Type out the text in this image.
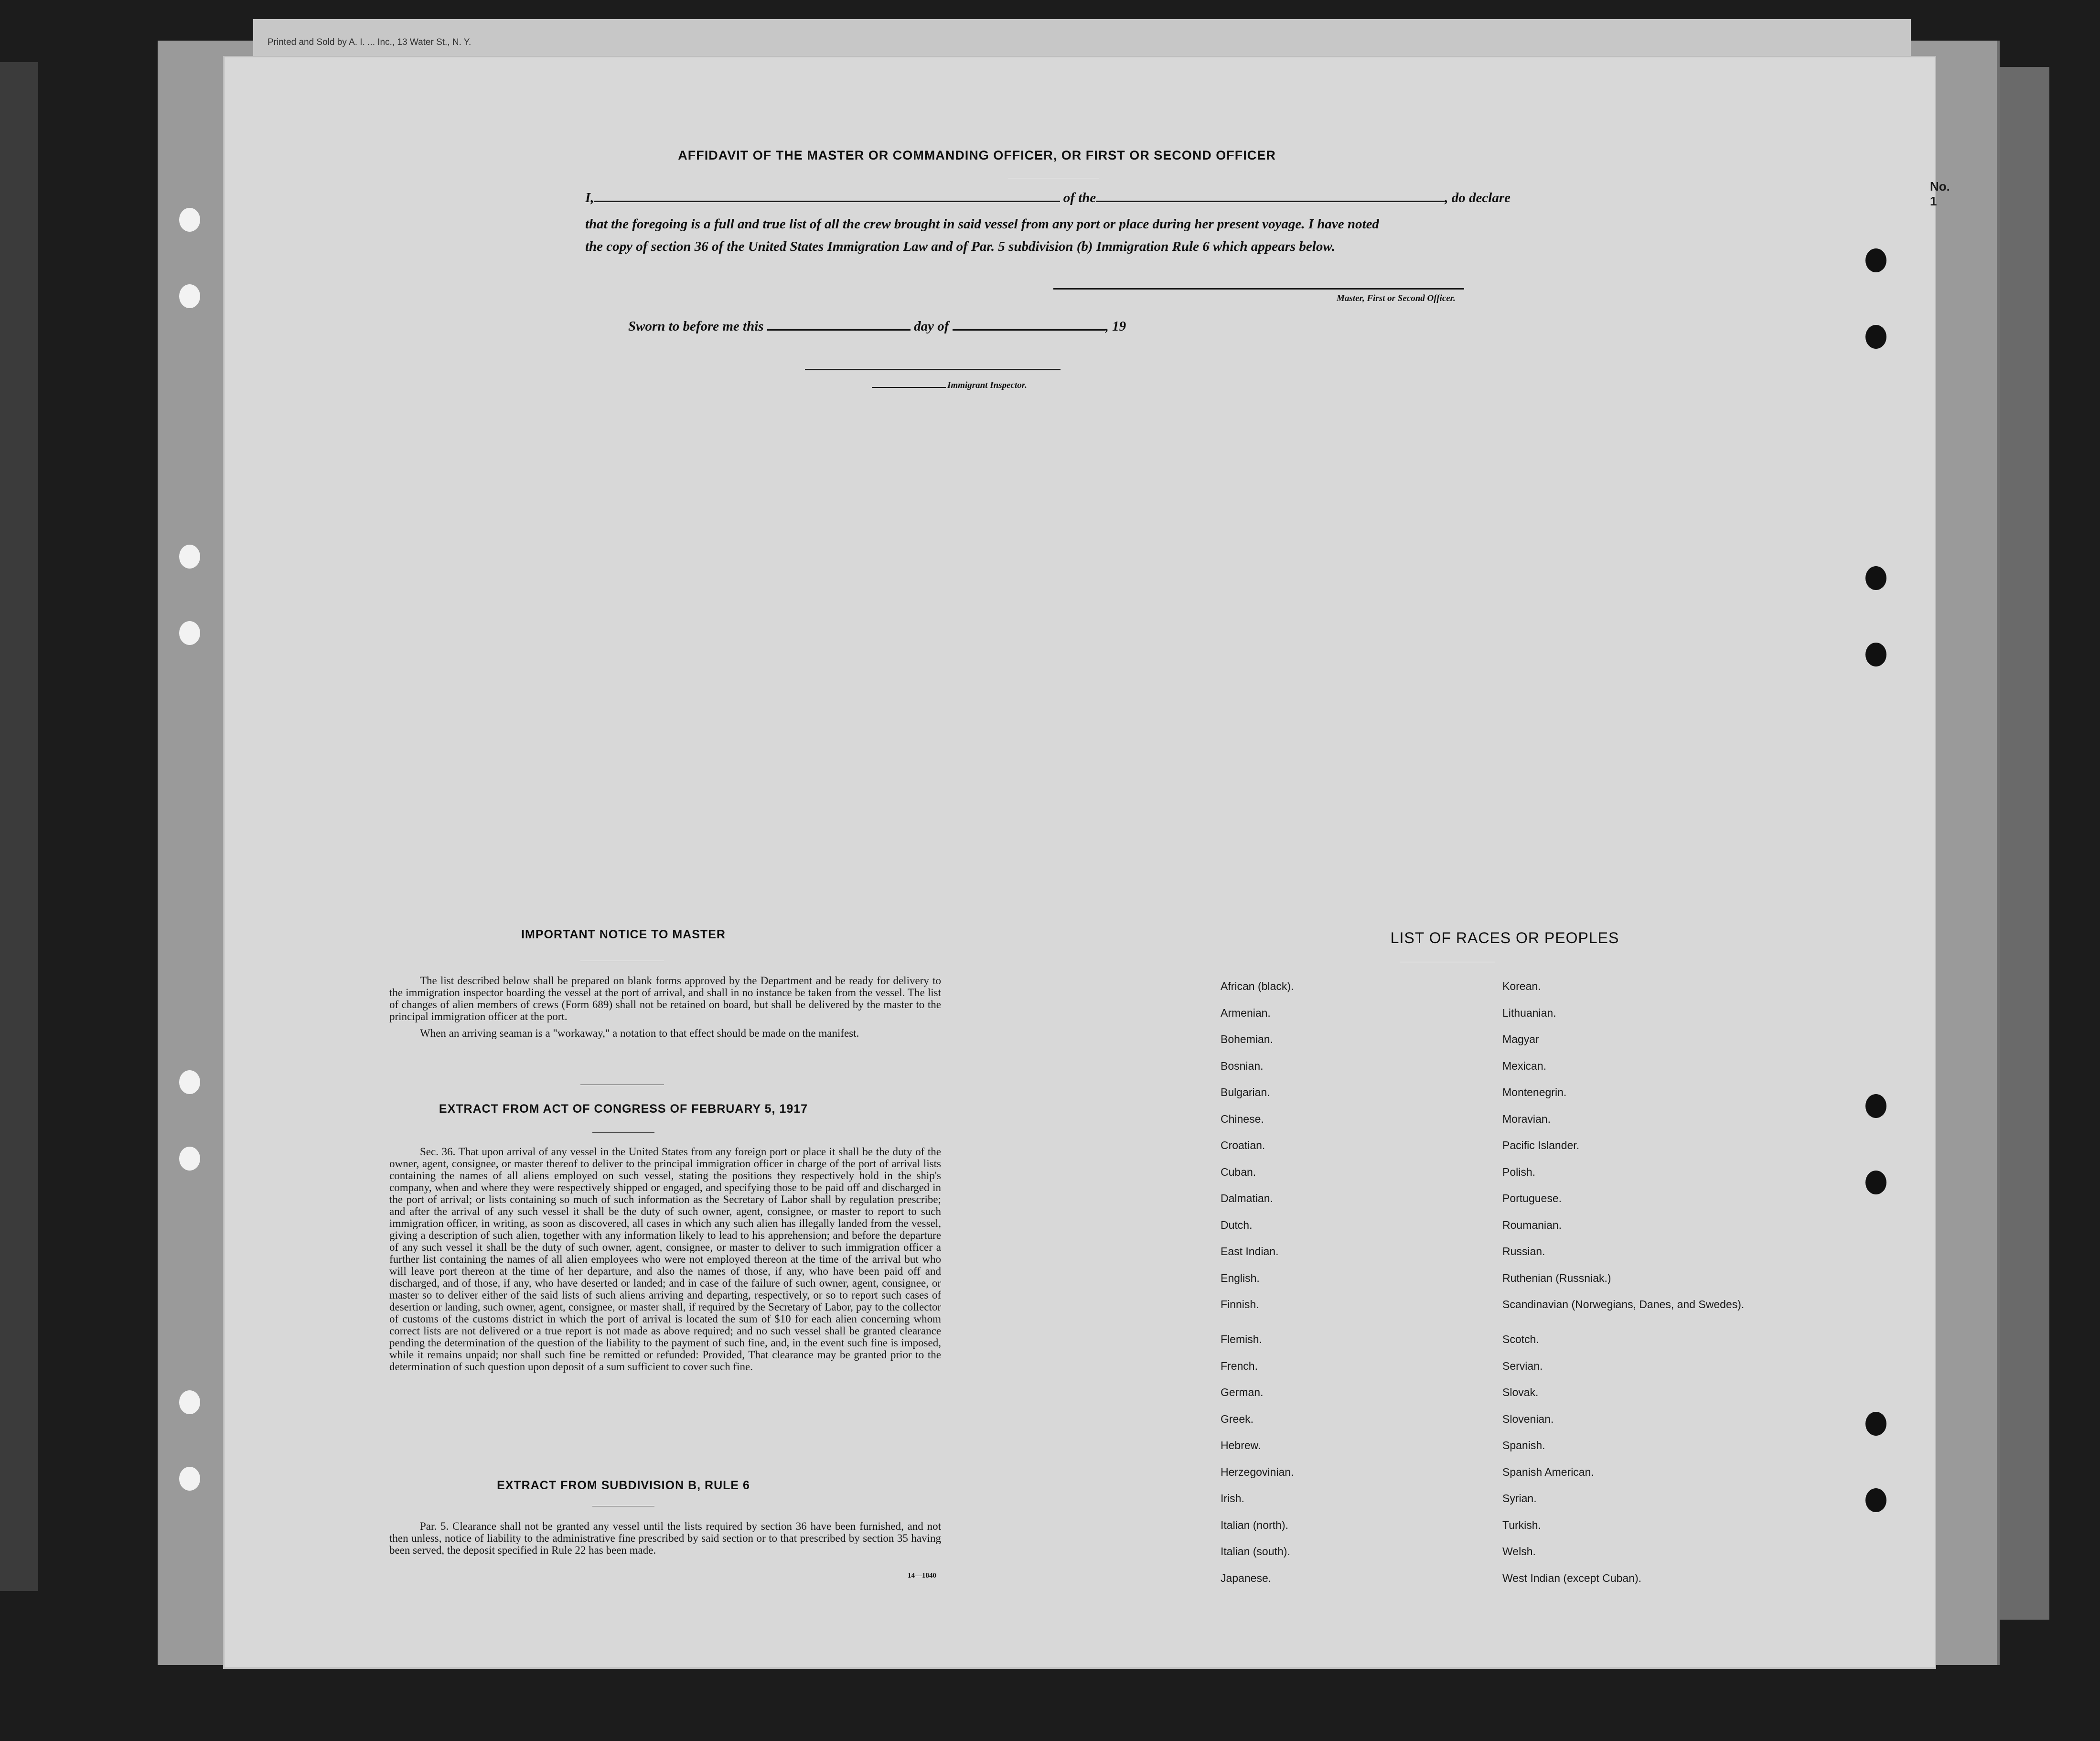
Printed and Sold by A. I. ... Inc., 13 Water St., N. Y.
No. 1
AFFIDAVIT OF THE MASTER OR COMMANDING OFFICER, OR FIRST OR SECOND OFFICER
I,	of the	, do declare
that the foregoing is a full and true list of all the crew brought in said vessel from any port or place during her present voyage. I have noted
the copy of section 36 of the United States Immigration Law and of Par. 5 subdivision (b) Immigration Rule 6 which appears below.
Master, First or Second Officer.
Sworn to before me this	day of	, 19
Immigrant Inspector.
IMPORTANT NOTICE TO MASTER

The list described below shall be prepared on blank forms approved by the Department and be ready for delivery to the immigration inspector boarding the vessel at the port of arrival, and shall in no instance be taken from the vessel. The list of changes of alien members of crews (Form 689) shall not be retained on board, but shall be delivered by the master to the principal immigration officer at the port.

When an arriving seaman is a "workaway," a notation to that effect should be made on the manifest.

EXTRACT FROM ACT OF CONGRESS OF FEBRUARY 5, 1917

Sec. 36. That upon arrival of any vessel in the United States from any foreign port or place it shall be the duty of the owner, agent, consignee, or master thereof to deliver to the principal immigration officer in charge of the port of arrival lists containing the names of all aliens employed on such vessel, stating the positions they respectively hold in the ship's company, when and where they were respectively shipped or engaged, and specifying those to be paid off and discharged in the port of arrival; or lists containing so much of such information as the Secretary of Labor shall by regulation prescribe; and after the arrival of any such vessel it shall be the duty of such owner, agent, consignee, or master to report to such immigration officer, in writing, as soon as discovered, all cases in which any such alien has illegally landed from the vessel, giving a description of such alien, together with any information likely to lead to his apprehension; and before the departure of any such vessel it shall be the duty of such owner, agent, consignee, or master to deliver to such immigration officer a further list containing the names of all alien employees who were not employed thereon at the time of the arrival but who will leave port thereon at the time of her departure, and also the names of those, if any, who have been paid off and discharged, and of those, if any, who have deserted or landed; and in case of the failure of such owner, agent, consignee, or master so to deliver either of the said lists of such aliens arriving and departing, respectively, or so to report such cases of desertion or landing, such owner, agent, consignee, or master shall, if required by the Secretary of Labor, pay to the collector of customs of the customs district in which the port of arrival is located the sum of $10 for each alien concerning whom correct lists are not delivered or a true report is not made as above required; and no such vessel shall be granted clearance pending the determination of the question of the liability to the payment of such fine, and, in the event such fine is imposed, while it remains unpaid; nor shall such fine be remitted or refunded: Provided, That clearance may be granted prior to the determination of such question upon deposit of a sum sufficient to cover such fine.

EXTRACT FROM SUBDIVISION B, RULE 6

Par. 5. Clearance shall not be granted any vessel until the lists required by section 36 have been furnished, and not then unless, notice of liability to the administrative fine prescribed by said section or to that prescribed by section 35 having been served, the deposit specified in Rule 22 has been made.

14—1840
LIST OF RACES OR PEOPLES
African (black).
Armenian.
Bohemian.
Bosnian.
Bulgarian.
Chinese.
Croatian.
Cuban.
Dalmatian.
Dutch.
East Indian.
English.
Finnish.
Flemish.
French.
German.
Greek.
Hebrew.
Herzegovinian.
Irish.
Italian (north).
Italian (south).
Japanese.
Korean.
Lithuanian.
Magyar
Mexican.
Montenegrin.
Moravian.
Pacific Islander.
Polish.
Portuguese.
Roumanian.
Russian.
Ruthenian (Russniak.)
Scandinavian (Norwegians, Danes, and Swedes).
Scotch.
Servian.
Slovak.
Slovenian.
Spanish.
Spanish American.
Syrian.
Turkish.
Welsh.
West Indian (except Cuban).
